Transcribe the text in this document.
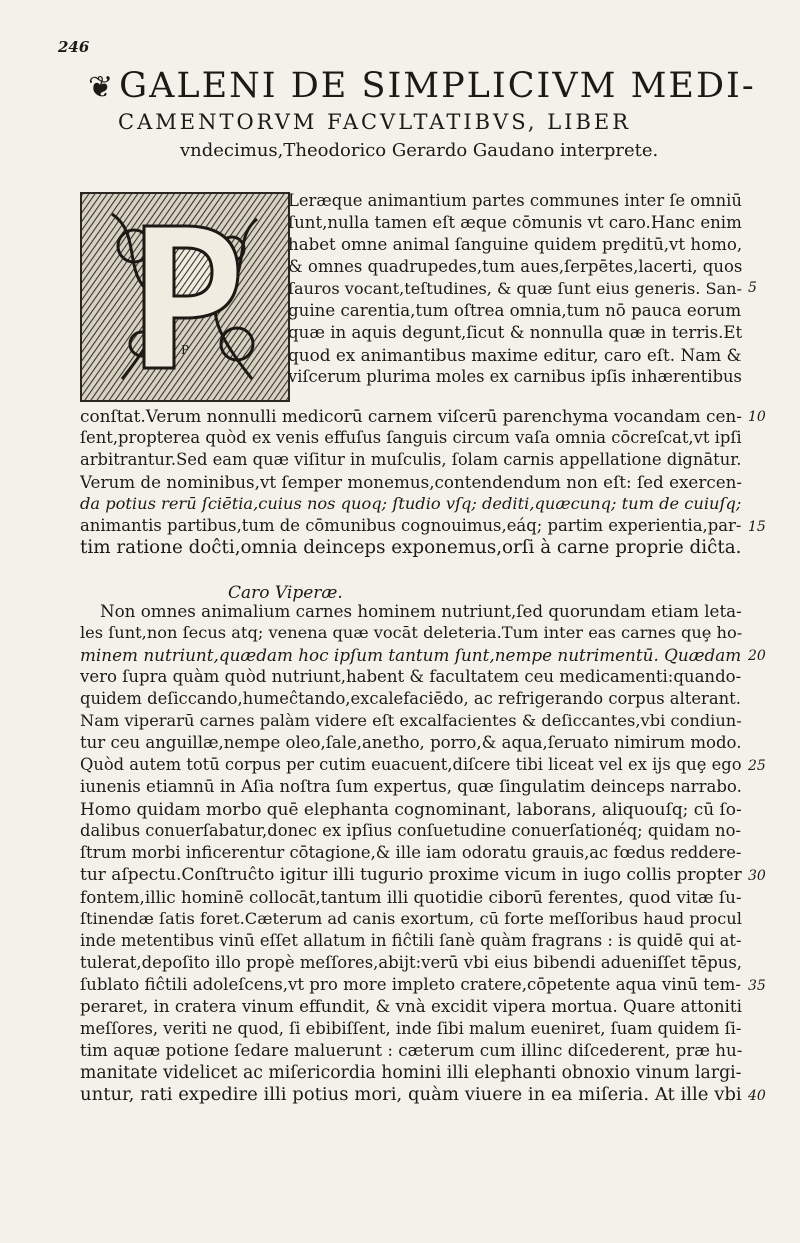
246
❦ GALENI DE SIMPLICIVM MEDI-
CAMENTORVM FACVLTATIBVS, LIBER
vndecimus,Theodorico Gerardo Gaudano interprete.
P
Leræque animantium partes communes inter ſe omniū
ſunt,nulla tamen eſt æque cōmunis vt caro.Hanc enim
habet omne animal ſanguine quidem prȩditū,vt homo,
& omnes quadrupedes,tum aues,ſerpētes,lacerti, quos
ſauros vocant,teſtudines, & quæ ſunt eius generis. San-
guine carentia,tum oſtrea omnia,tum nō pauca eorum
quæ in aquis degunt,ſicut & nonnulla quæ in terris.Et
quod ex animantibus maxime editur, caro eſt. Nam &
viſcerum plurima moles ex carnibus ipſis inhærentibus
conſtat.Verum nonnulli medicorū carnem viſcerū parenchyma vocandam cen-
ſent,propterea quòd ex venis effuſus ſanguis circum vaſa omnia cōcreſcat,vt ipſi
arbitrantur.Sed eam quæ viſitur in muſculis, ſolam carnis appellatione dignātur.
Verum de nominibus,vt ſemper monemus,contendendum non eſt: ſed exercen-
da potius rerū ſciētia,cuius nos quoq; ſtudio vſq; dediti,quæcunq; tum de cuiuſq;
animantis partibus,tum de cōmunibus cognouimus,eáq; partim experientia,par-
tim ratione doĉti,omnia deinceps exponemus,orſi à carne proprie diĉta.
Caro Viperæ.
Non omnes animalium carnes hominem nutriunt,ſed quorundam etiam leta-
les ſunt,non ſecus atq; venena quæ vocāt deleteria.Tum inter eas carnes quȩ ho-
minem nutriunt,quædam hoc ipſum tantum ſunt,nempe nutrimentū. Quædam
vero ſupra quàm quòd nutriunt,habent & facultatem ceu medicamenti:quando-
quidem deſiccando,humeĉtando,excalefaciēdo, ac refrigerando corpus alterant.
Nam viperarū carnes palàm videre eſt excalfacientes & deſiccantes,vbi condiun-
tur ceu anguillæ,nempe oleo,ſale,anetho, porro,& aqua,ſeruato nimirum modo.
Quòd autem totū corpus per cutim euacuent,diſcere tibi liceat vel ex ijs quȩ ego
iunenis etiamnū in Aſia noſtra ſum expertus, quæ ſingulatim deinceps narrabo.
Homo quidam morbo quē elephanta cognominant, laborans, aliquouſq; cū ſo-
dalibus conuerſabatur,donec ex ipſius conſuetudine conuerſationéq; quidam no-
ſtrum morbi inficerentur cōtagione,& ille iam odoratu grauis,ac fœdus reddere-
tur aſpectu.Conſtruĉto igitur illi tugurio proxime vicum in iugo collis propter
fontem,illic hominē collocāt,tantum illi quotidie ciborū ferentes, quod vitæ ſu-
ſtinendæ ſatis foret.Cæterum ad canis exortum, cū forte meſſoribus haud procul
inde metentibus vinū eſſet allatum in fiĉtili ſanè quàm fragrans : is quidē qui at-
tulerat,depoſito illo propè meſſores,abijt:verū vbi eius bibendi adueniſſet tēpus,
ſublato fiĉtili adoleſcens,vt pro more impleto cratere,cōpetente aqua vinū tem-
peraret, in cratera vinum effundit, & vnà excidit vipera mortua. Quare attoniti
meſſores, veriti ne quod, ſi ebibiſſent, inde ſibi malum eueniret, ſuam quidem ſi-
tim aquæ potione ſedare maluerunt : cæterum cum illinc diſcederent, præ hu-
manitate videlicet ac miſericordia homini illi elephanti obnoxio vinum largi-
untur, rati expedire illi potius mori, quàm viuere in ea miſeria. At ille vbi
5
10
15
20
25
30
35
40
